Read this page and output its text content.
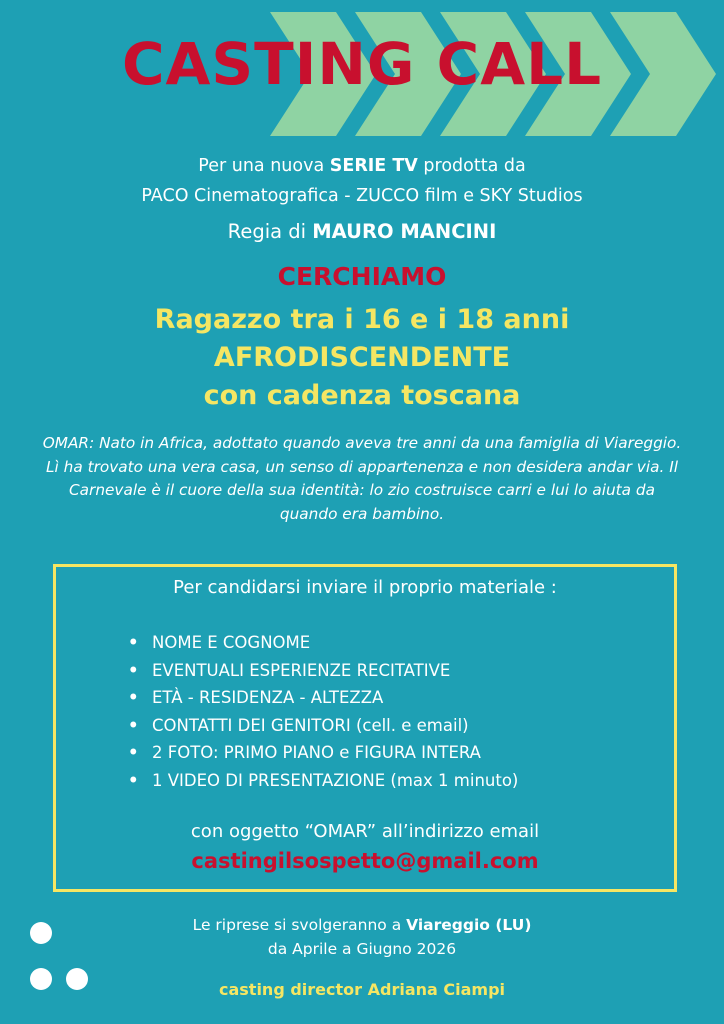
CASTING CALL
Per una nuova SERIE TV prodotta da
PACO Cinematografica - ZUCCO film e SKY Studios
Regia di MAURO MANCINI
CERCHIAMO
Ragazzo tra i 16 e i 18 anni
AFRODISCENDENTE
con cadenza toscana
OMAR: Nato in Africa, adottato quando aveva tre anni da una famiglia di Viareggio. Lì ha trovato una vera casa, un senso di appartenenza e non desidera andar via. Il Carnevale è il cuore della sua identità: lo zio costruisce carri e lui lo aiuta da quando era bambino.
Per candidarsi inviare il proprio materiale :
• NOME E COGNOME
• EVENTUALI ESPERIENZE RECITATIVE
• ETÀ - RESIDENZA - ALTEZZA
• CONTATTI DEI GENITORI (cell. e email)
• 2 FOTO: PRIMO PIANO e FIGURA INTERA
• 1 VIDEO DI PRESENTAZIONE (max 1 minuto)
con oggetto “OMAR” all’indirizzo email
castingilsospetto@gmail.com
Le riprese si svolgeranno a Viareggio (LU)
da Aprile a Giugno 2026
casting director Adriana Ciampi
